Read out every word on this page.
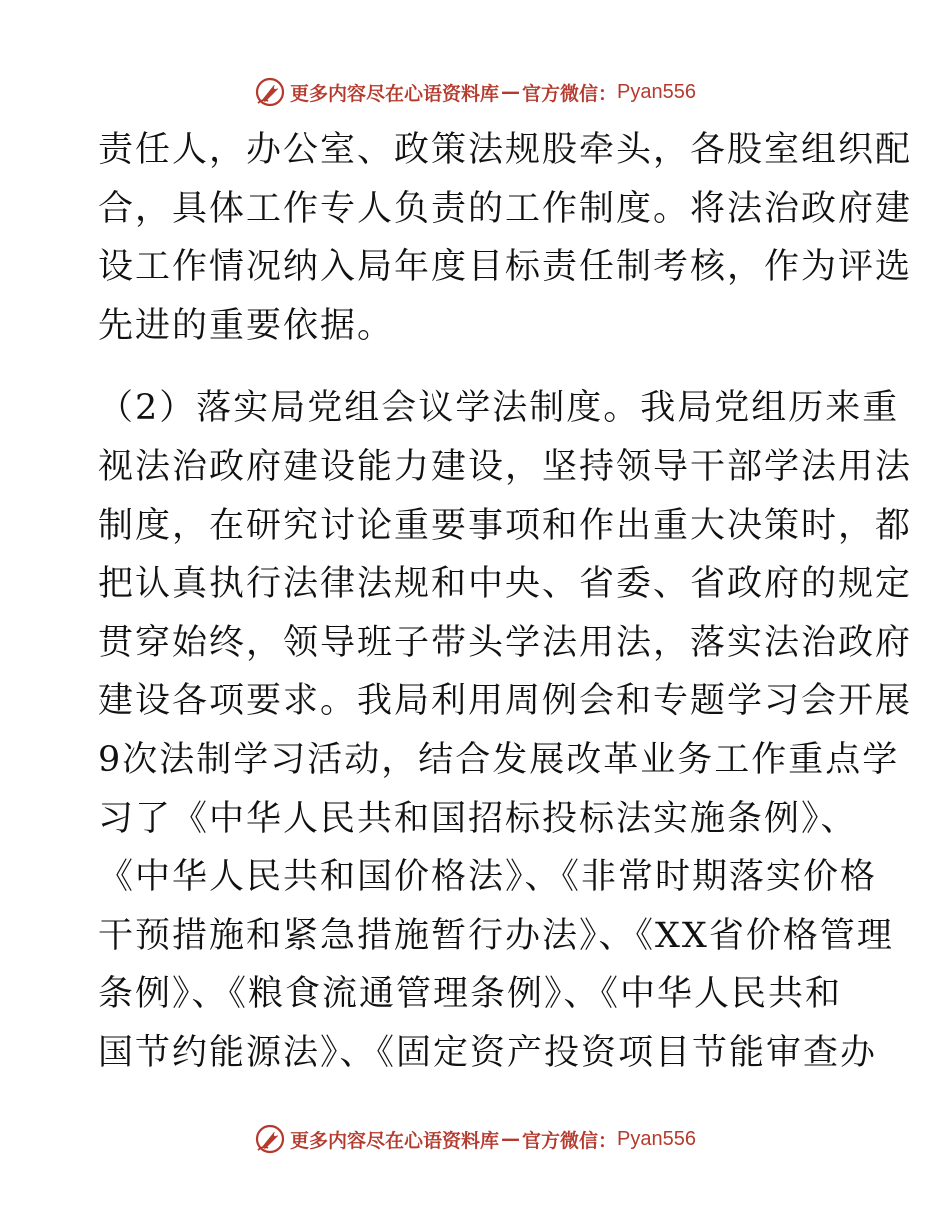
更多内容尽在心语资料库 — 官方微信： Pyan556
责任人，办公室、政策法规股牵头，各股室组织配
合，具体工作专人负责的工作制度。将法治政府建
设工作情况纳入局年度目标责任制考核，作为评选
先进的重要依据。
（2）落实局党组会议学法制度。我局党组历来重
视法治政府建设能力建设，坚持领导干部学法用法
制度，在研究讨论重要事项和作出重大决策时，都
把认真执行法律法规和中央、省委、省政府的规定
贯穿始终，领导班子带头学法用法，落实法治政府
建设各项要求。我局利用周例会和专题学习会开展
9次法制学习活动，结合发展改革业务工作重点学
习了《中华人民共和国招标投标法实施条例》、
《中华人民共和国价格法》、《非常时期落实价格
干预措施和紧急措施暂行办法》、《XX省价格管理
条例》、《粮食流通管理条例》、《中华人民共和
国节约能源法》、《固定资产投资项目节能审查办
更多内容尽在心语资料库 — 官方微信： Pyan556
